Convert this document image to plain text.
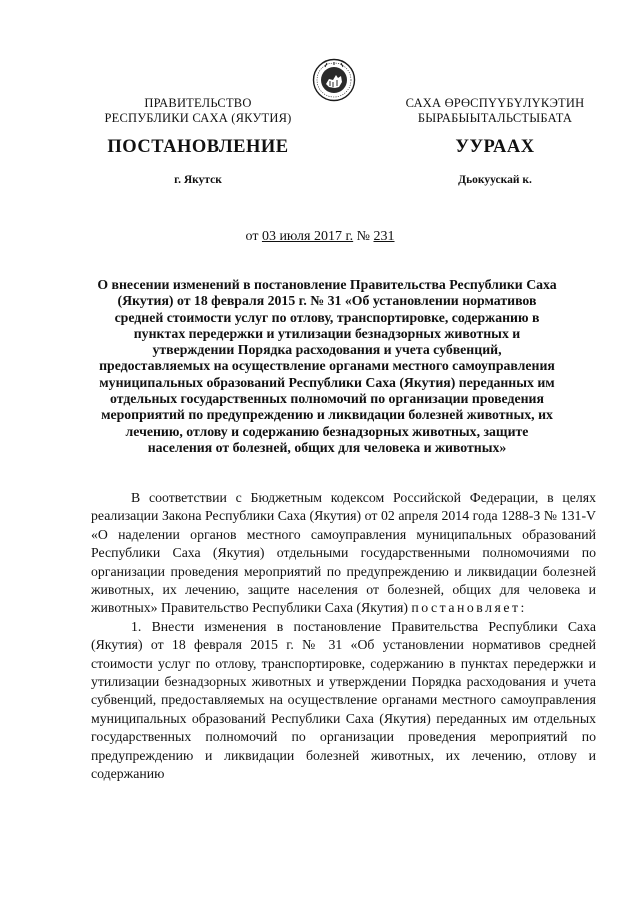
ПРАВИТЕЛЬСТВО
РЕСПУБЛИКИ САХА (ЯКУТИЯ)
САХА ӨРӨСПҮҮБҮЛҮКЭТИН
БЫРАБЫЫТАЛЬСТЫБАТА
ПОСТАНОВЛЕНИЕ	УУРААХ
г. Якутск	Дьокуускай к.
от 03 июля 2017 г. № 231
О внесении изменений в постановление Правительства Республики Саха
(Якутия) от 18 февраля 2015 г. № 31 «Об установлении нормативов
средней стоимости услуг по отлову, транспортировке, содержанию в
пунктах передержки и утилизации безнадзорных животных и
утверждении Порядка расходования и учета субвенций,
предоставляемых на осуществление органами местного самоуправления
муниципальных образований Республики Саха (Якутия) переданных им
отдельных государственных полномочий по организации проведения
мероприятий по предупреждению и ликвидации болезней животных, их
лечению, отлову и содержанию безнадзорных животных, защите
населения от болезней, общих для человека и животных»

В соответствии с Бюджетным кодексом Российской Федерации, в целях реализации Закона Республики Саха (Якутия) от 02 апреля 2014 года 1288-З № 131-V «О наделении органов местного самоуправления муниципальных образований Республики Саха (Якутия) отдельными государственными полномочиями по организации проведения мероприятий по предупреждению и ликвидации болезней животных, их лечению, защите населения от болезней, общих для человека и животных» Правительство Республики Саха (Якутия) постановляет:

1. Внести изменения в постановление Правительства Республики Саха (Якутия) от 18 февраля 2015 г. № 31 «Об установлении нормативов средней стоимости услуг по отлову, транспортировке, содержанию в пунктах передержки и утилизации безнадзорных животных и утверждении Порядка расходования и учета субвенций, предоставляемых на осуществление органами местного самоуправления муниципальных образований Республики Саха (Якутия) переданных им отдельных государственных полномочий по организации проведения мероприятий по предупреждению и ликвидации болезней животных, их лечению, отлову и содержанию
